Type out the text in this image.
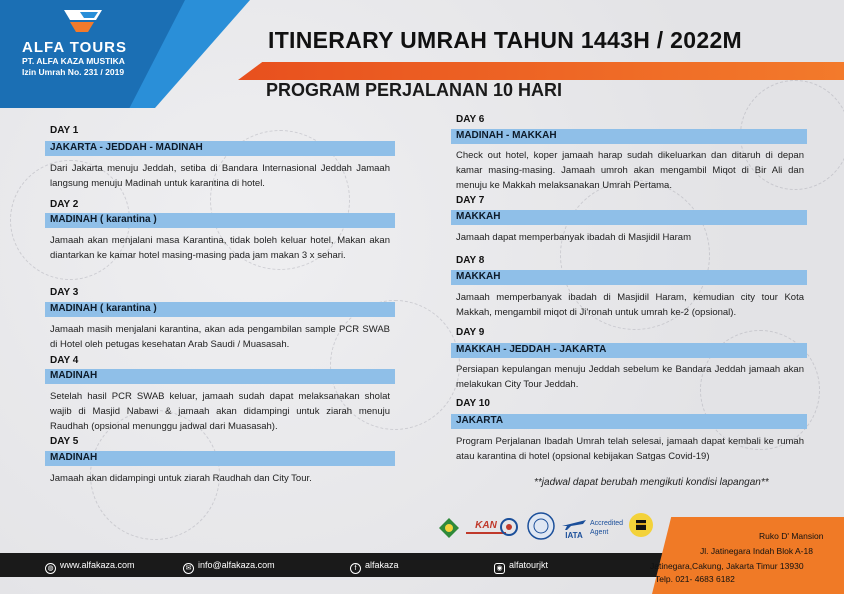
ALFA TOURS
PT. ALFA KAZA MUSTIKA
Izin Umrah No. 231 / 2019
ITINERARY UMRAH TAHUN 1443H / 2022M
PROGRAM PERJALANAN 10 HARI
DAY 1
JAKARTA - JEDDAH - MADINAH
Dari Jakarta menuju Jeddah, setiba di Bandara Internasional Jeddah Jamaah langsung menuju Madinah untuk karantina di hotel.
DAY 2
MADINAH ( karantina )
Jamaah akan menjalani masa Karantina, tidak boleh keluar hotel, Makan akan diantarkan ke kamar hotel masing-masing pada jam makan 3 x sehari.
DAY 3
MADINAH ( karantina )
Jamaah masih menjalani karantina, akan ada pengambilan sample PCR SWAB di Hotel oleh petugas kesehatan Arab Saudi / Muasasah.
DAY 4
MADINAH
Setelah hasil PCR SWAB keluar, jamaah sudah dapat melaksanakan sholat wajib di Masjid Nabawi & jamaah akan didampingi untuk ziarah menuju Raudhah (opsional menunggu jadwal dari Muasasah).
DAY 5
MADINAH
Jamaah akan didampingi untuk ziarah Raudhah dan City Tour.
DAY 6
MADINAH - MAKKAH
Check out hotel, koper jamaah harap sudah dikeluarkan dan ditaruh di depan kamar masing-masing. Jamaah umroh akan mengambil Miqot di Bir Ali dan menuju ke Makkah melaksanakan Umrah Pertama.
DAY 7
MAKKAH
Jamaah dapat memperbanyak ibadah di Masjidil Haram
DAY 8
MAKKAH
Jamaah memperbanyak ibadah di Masjidil Haram, kemudian city tour Kota Makkah, mengambil miqot di Ji'ronah untuk umrah ke-2 (opsional).
DAY 9
MAKKAH - JEDDAH - JAKARTA
Persiapan kepulangan menuju Jeddah sebelum ke Bandara Jeddah jamaah akan melakukan City Tour Jeddah.
DAY 10
JAKARTA
Program Perjalanan Ibadah Umrah telah selesai, jamaah dapat kembali ke rumah atau karantina di hotel (opsional kebijakan Satgas Covid-19)
**jadwal dapat berubah mengikuti kondisi lapangan**
KAN
IATA
Accredited
Agent
◍ www.alfakaza.com	✉ info@alfakaza.com	f alfakaza	◉ alfatourjkt
Ruko D' Mansion
Jl. Jatinegara Indah Blok A-18
Jatinegara,Cakung, Jakarta Timur 13930
Telp. 021- 4683 6182
